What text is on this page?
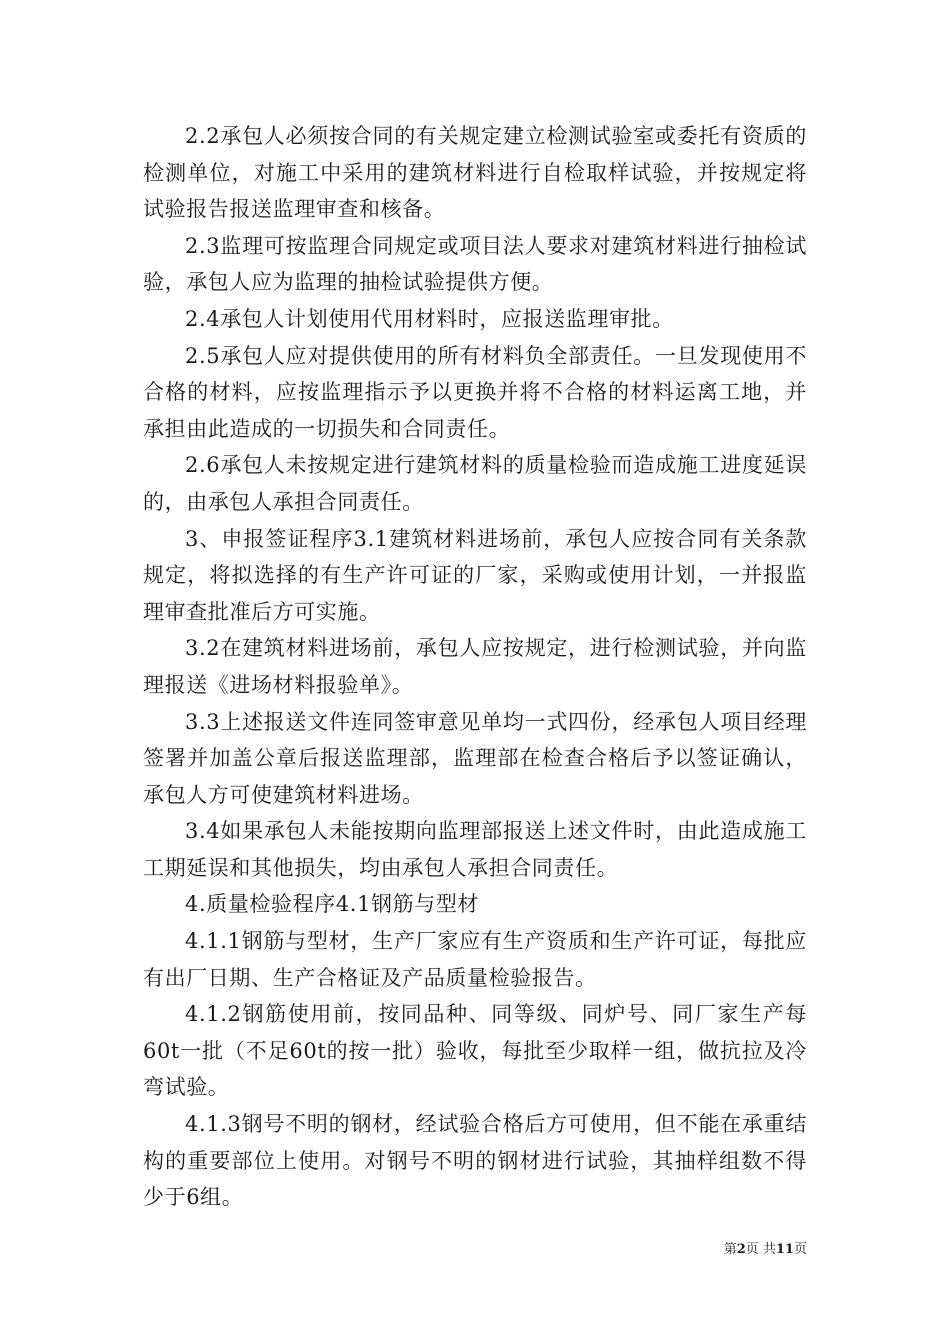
2.2承包人必须按合同的有关规定建立检测试验室或委托有资质的检测单位，对施工中采用的建筑材料进行自检取样试验，并按规定将试验报告报送监理审查和核备。

2.3监理可按监理合同规定或项目法人要求对建筑材料进行抽检试验，承包人应为监理的抽检试验提供方便。

2.4承包人计划使用代用材料时，应报送监理审批。

2.5承包人应对提供使用的所有材料负全部责任。一旦发现使用不合格的材料，应按监理指示予以更换并将不合格的材料运离工地，并承担由此造成的一切损失和合同责任。

2.6承包人未按规定进行建筑材料的质量检验而造成施工进度延误的，由承包人承担合同责任。

3、申报签证程序3.1建筑材料进场前，承包人应按合同有关条款规定，将拟选择的有生产许可证的厂家，采购或使用计划，一并报监理审查批准后方可实施。

3.2在建筑材料进场前，承包人应按规定，进行检测试验，并向监理报送《进场材料报验单》。

3.3上述报送文件连同签审意见单均一式四份，经承包人项目经理签署并加盖公章后报送监理部，监理部在检查合格后予以签证确认，承包人方可使建筑材料进场。

3.4如果承包人未能按期向监理部报送上述文件时，由此造成施工工期延误和其他损失，均由承包人承担合同责任。

4.质量检验程序4.1钢筋与型材

4.1.1钢筋与型材，生产厂家应有生产资质和生产许可证，每批应有出厂日期、生产合格证及产品质量检验报告。

4.1.2钢筋使用前，按同品种、同等级、同炉号、同厂家生产每60t一批（不足60t的按一批）验收，每批至少取样一组，做抗拉及冷弯试验。

4.1.3钢号不明的钢材，经试验合格后方可使用，但不能在承重结构的重要部位上使用。对钢号不明的钢材进行试验，其抽样组数不得少于6组。

第2页 共11页
